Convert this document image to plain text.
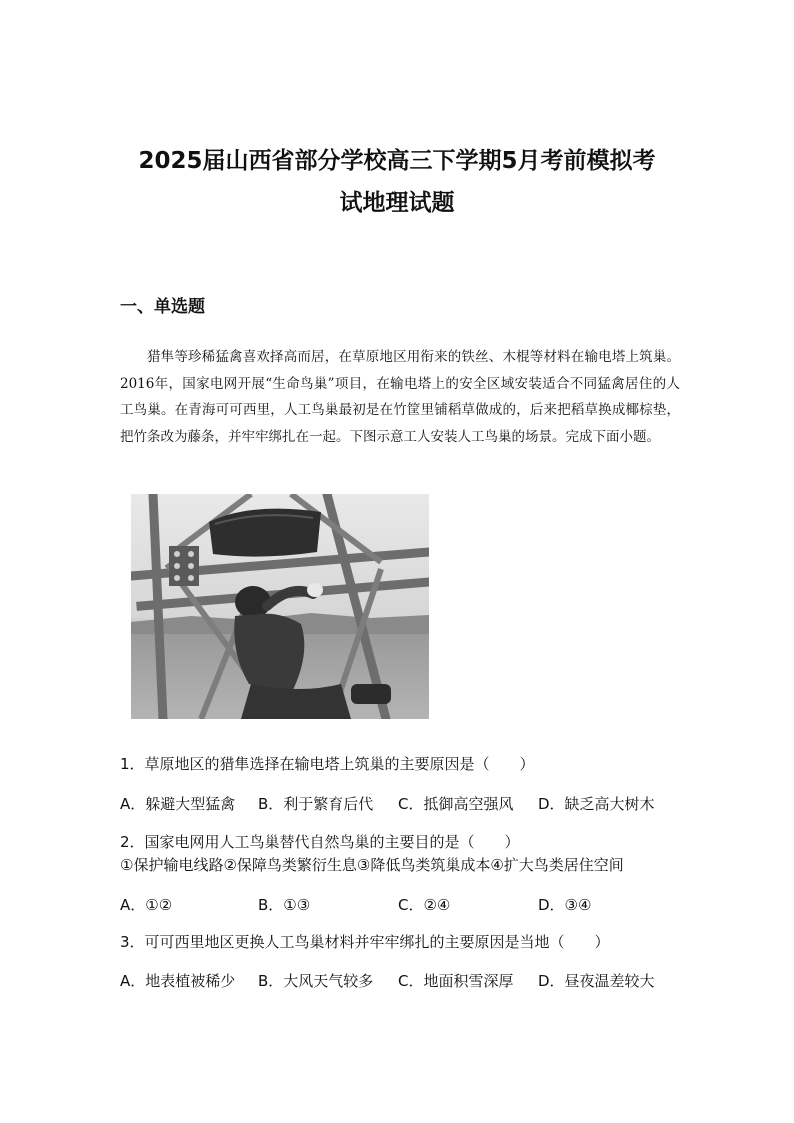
2025届山西省部分学校高三下学期5月考前模拟考
试地理试题
一、单选题

猎隼等珍稀猛禽喜欢择高而居，在草原地区用衔来的铁丝、木棍等材料在输电塔上筑巢。2016年，国家电网开展“生命鸟巢”项目，在输电塔上的安全区域安装适合不同猛禽居住的人工鸟巢。在青海可可西里，人工鸟巢最初是在竹筐里铺稻草做成的，后来把稻草换成椰棕垫，把竹条改为藤条，并牢牢绑扎在一起。下图示意工人安装人工鸟巢的场景。完成下面小题。

1．草原地区的猎隼选择在输电塔上筑巢的主要原因是（　　）
A．躲避大型猛禽 B．利于繁育后代 C．抵御高空强风 D．缺乏高大树木
2．国家电网用人工鸟巢替代自然鸟巢的主要目的是（　　）
①保护输电线路②保障鸟类繁衍生息③降低鸟类筑巢成本④扩大鸟类居住空间
A．①②	B．①③	C．②④	D．③④
3．可可西里地区更换人工鸟巢材料并牢牢绑扎的主要原因是当地（　　）
A．地表植被稀少 B．大风天气较多 C．地面积雪深厚 D．昼夜温差较大
